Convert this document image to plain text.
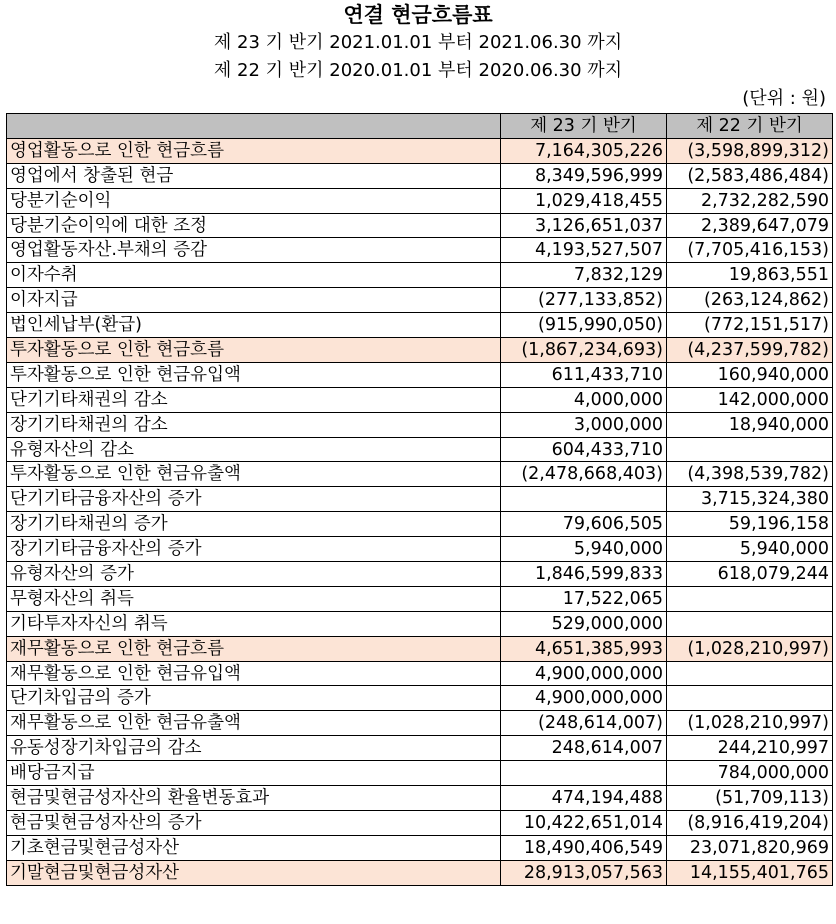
연결 현금흐름표
제 23 기 반기 2021.01.01 부터 2021.06.30 까지
제 22 기 반기 2020.01.01 부터 2020.06.30 까지
(단위 : 원)
	제 23 기 반기	제 22 기 반기
영업활동으로 인한 현금흐름	7,164,305,226	(3,598,899,312)
영업에서 창출된 현금	8,349,596,999	(2,583,486,484)
당분기순이익	1,029,418,455	2,732,282,590
당분기순이익에 대한 조정	3,126,651,037	2,389,647,079
영업활동자산.부채의 증감	4,193,527,507	(7,705,416,153)
이자수취	7,832,129	19,863,551
이자지급	(277,133,852)	(263,124,862)
법인세납부(환급)	(915,990,050)	(772,151,517)
투자활동으로 인한 현금흐름	(1,867,234,693)	(4,237,599,782)
투자활동으로 인한 현금유입액	611,433,710	160,940,000
단기기타채권의 감소	4,000,000	142,000,000
장기기타채권의 감소	3,000,000	18,940,000
유형자산의 감소	604,433,710	
투자활동으로 인한 현금유출액	(2,478,668,403)	(4,398,539,782)
단기기타금융자산의 증가		3,715,324,380
장기기타채권의 증가	79,606,505	59,196,158
장기기타금융자산의 증가	5,940,000	5,940,000
유형자산의 증가	1,846,599,833	618,079,244
무형자산의 취득	17,522,065	
기타투자자신의 취득	529,000,000	
재무활동으로 인한 현금흐름	4,651,385,993	(1,028,210,997)
재무활동으로 인한 현금유입액	4,900,000,000	
단기차입금의 증가	4,900,000,000	
재무활동으로 인한 현금유출액	(248,614,007)	(1,028,210,997)
유동성장기차입금의 감소	248,614,007	244,210,997
배당금지급		784,000,000
현금및현금성자산의 환율변동효과	474,194,488	(51,709,113)
현금및현금성자산의 증가	10,422,651,014	(8,916,419,204)
기초현금및현금성자산	18,490,406,549	23,071,820,969
기말현금및현금성자산	28,913,057,563	14,155,401,765
